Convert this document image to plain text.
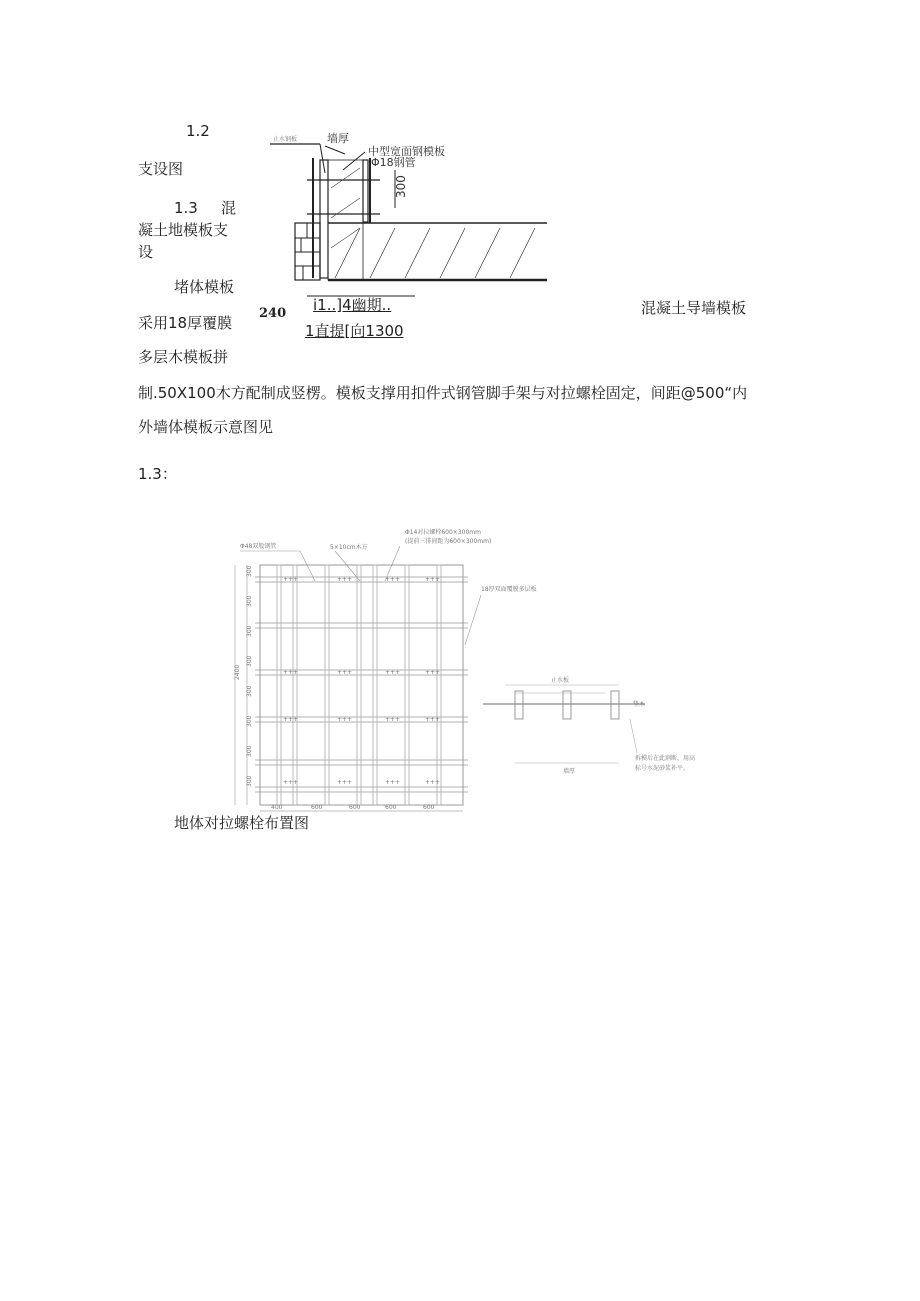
1.2
支设图
1.3 混
凝土地模板支
设
堵体模板
采用18厚覆膜
多层木模板拼
止水钢板	墙厚
中型宽面钢模板
Φ18钢管
300
240 i1..]4幽期..
1直提[向1300
混凝土导墙模板
制.50X100木方配制成竖楞。模板支撑用扣件式钢管脚手架与对拉螺栓固定，间距@500“内
外墙体模板示意图见
1.3：
Φ48双股钢管	5×10cm木方
Φ14对拉螺栓600×300mm
(提前三排间距为600×300mm)
18厚双面覆膜多层板
+++	+++	+++	+++
+++	+++	+++	+++
+++	+++	+++	+++
+++	+++	+++	+++
2400
300
300
300
300
300
300
300
300
400	600	600	600	600
止水板
垫木
墙厚
拆模后在此割断，用高
标号水泥砂浆补平。
地体对拉螺栓布置图
